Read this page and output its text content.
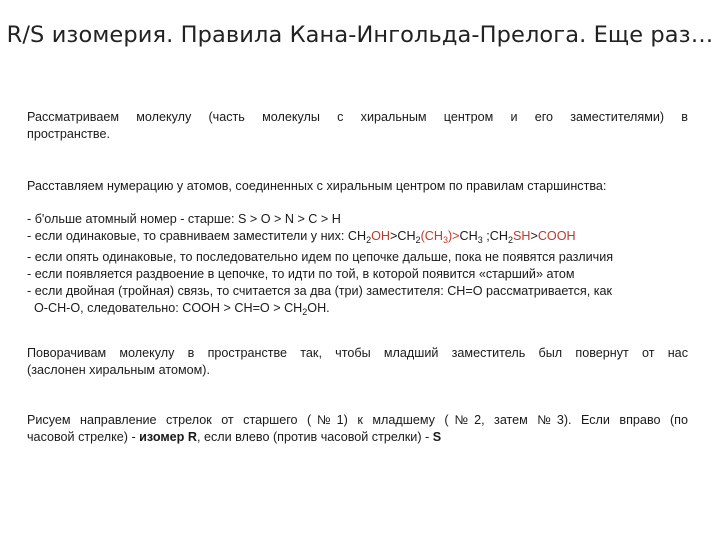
R/S изомерия. Правила Кана-Ингольда-Прелога. Еще раз…
Рассматриваем молекулу (часть молекулы с хиральным центром и его заместителями) в
пространстве.
Расставляем нумерацию у атомов, соединенных с хиральным центром по правилам старшинства:
- б'ольше атомный номер - старше: S > O > N > C > H
- если одинаковые, то сравниваем заместители у них: $CH_2OH>CH_2(CH_3)>CH_3$ $;CH_2SH>COOH$
- если опять одинаковые, то последовательно идем по цепочке дальше, пока не появятся различия
- если появляется раздвоение в цепочке, то идти по той, в которой появится «старший» атом
- если двойная (тройная) связь, то считается за два (три) заместителя: CH=O рассматривается, как
O-CH-O, следовательно: COOH > $CH=O > CH_2OH$.
Поворачивам молекулу в пространстве так, чтобы младший заместитель был повернут от нас
(заслонен хиральным атомом).
Рисуем направление стрелок от старшего (№1) к младшему (№2, затем №3). Если вправо (по
часовой стрелке) - изомер R, если влево (против часовой стрелки) - S
